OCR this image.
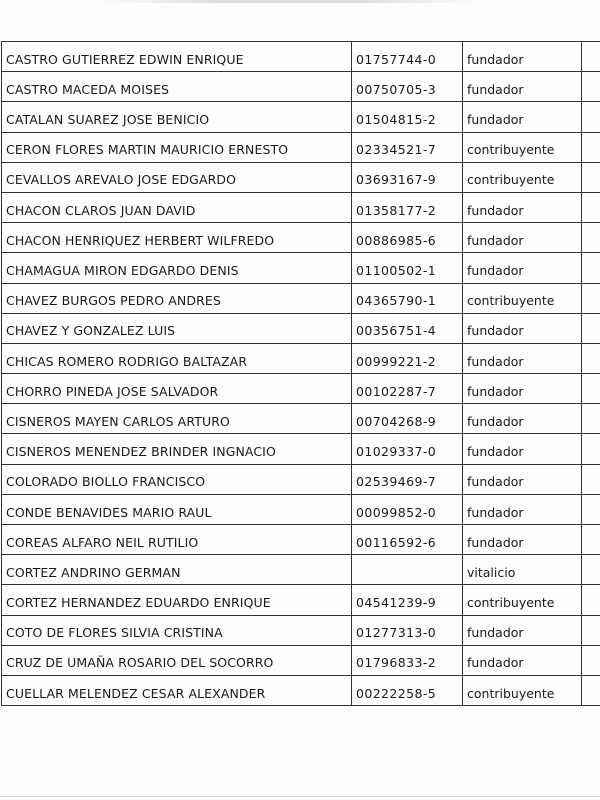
CASTRO GUTIERREZ EDWIN ENRIQUE	01757744-0	fundador	
CASTRO MACEDA MOISES	00750705-3	fundador	
CATALAN SUAREZ JOSE BENICIO	01504815-2	fundador	
CERON FLORES MARTIN MAURICIO ERNESTO	02334521-7	contribuyente	
CEVALLOS AREVALO JOSE EDGARDO	03693167-9	contribuyente	
CHACON CLAROS JUAN DAVID	01358177-2	fundador	
CHACON HENRIQUEZ HERBERT WILFREDO	00886985-6	fundador	
CHAMAGUA MIRON EDGARDO DENIS	01100502-1	fundador	
CHAVEZ BURGOS PEDRO ANDRES	04365790-1	contribuyente	
CHAVEZ Y GONZALEZ LUIS	00356751-4	fundador	
CHICAS ROMERO RODRIGO BALTAZAR	00999221-2	fundador	
CHORRO PINEDA JOSE SALVADOR	00102287-7	fundador	
CISNEROS MAYEN CARLOS ARTURO	00704268-9	fundador	
CISNEROS MENENDEZ BRINDER INGNACIO	01029337-0	fundador	
COLORADO BIOLLO FRANCISCO	02539469-7	fundador	
CONDE BENAVIDES MARIO RAUL	00099852-0	fundador	
COREAS ALFARO NEIL RUTILIO	00116592-6	fundador	
CORTEZ ANDRINO GERMAN		vitalicio	
CORTEZ HERNANDEZ EDUARDO ENRIQUE	04541239-9	contribuyente	
COTO DE FLORES SILVIA CRISTINA	01277313-0	fundador	
CRUZ DE UMAÑA ROSARIO DEL SOCORRO	01796833-2	fundador	
CUELLAR MELENDEZ CESAR ALEXANDER	00222258-5	contribuyente	
